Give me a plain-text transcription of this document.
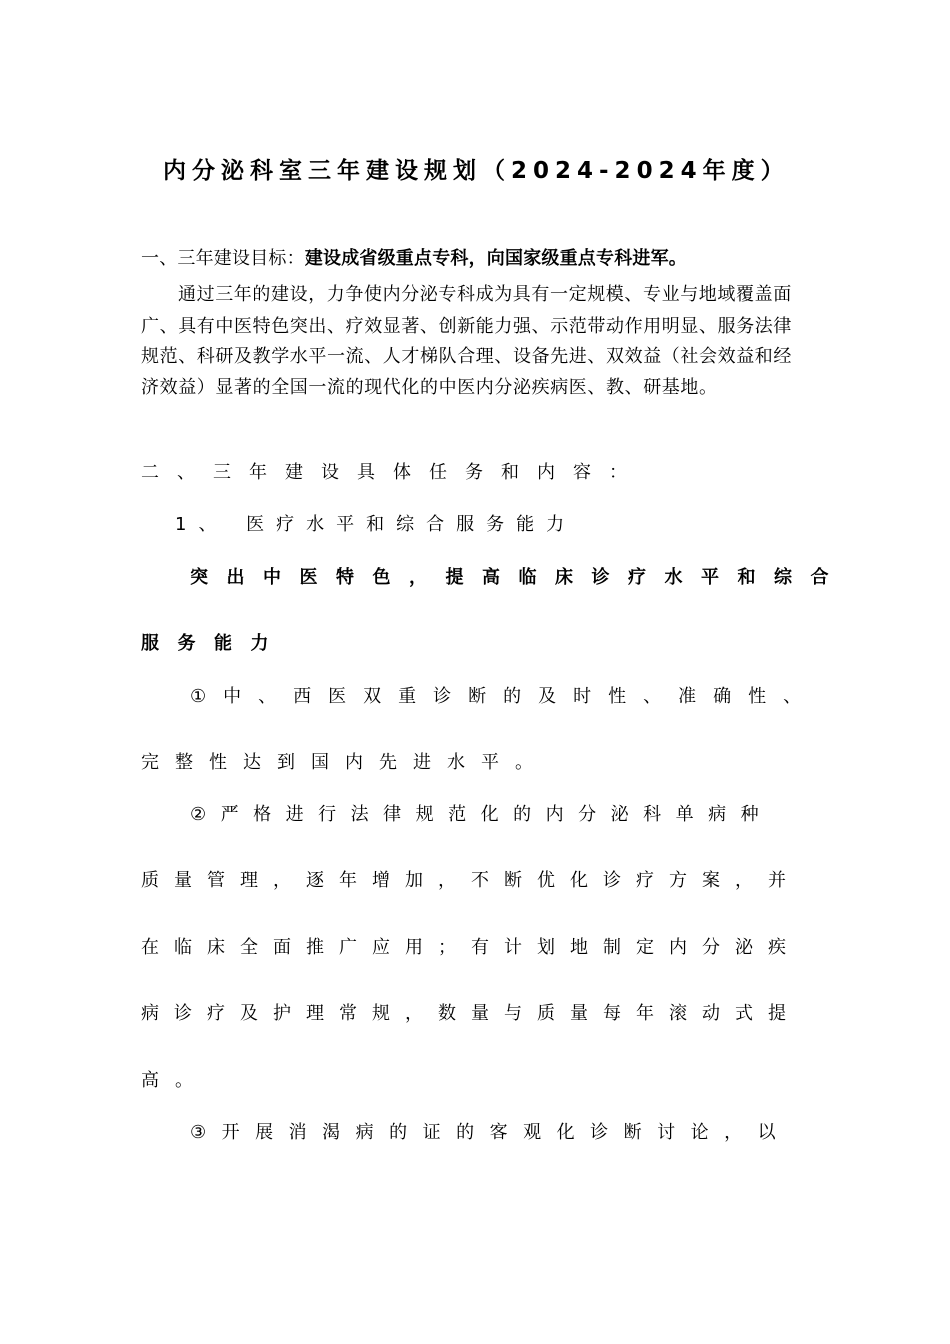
内分泌科室三年建设规划（2024-2024年度）
一、三年建设目标：建设成省级重点专科，向国家级重点专科进军。
通过三年的建设，力争使内分泌专科成为具有一定规模、专业与地域覆盖面
广、具有中医特色突出、疗效显著、创新能力强、示范带动作用明显、服务法律
规范、科研及教学水平一流、人才梯队合理、设备先进、双效益（社会效益和经
济效益）显著的全国一流的现代化的中医内分泌疾病医、教、研基地。
二、三年建设具体任务和内容：
1、 医疗水平和综合服务能力
突出中医特色，提高临床诊疗水平和综合
服务能力
①中、西医双重诊断的及时性、准确性、
完整性达到国内先进水平。
②严格进行法律规范化的内分泌科单病种
质量管理，逐年增加，不断优化诊疗方案，并
在临床全面推广应用；有计划地制定内分泌疾
病诊疗及护理常规，数量与质量每年滚动式提
高。
③开展消渴病的证的客观化诊断讨论，以
